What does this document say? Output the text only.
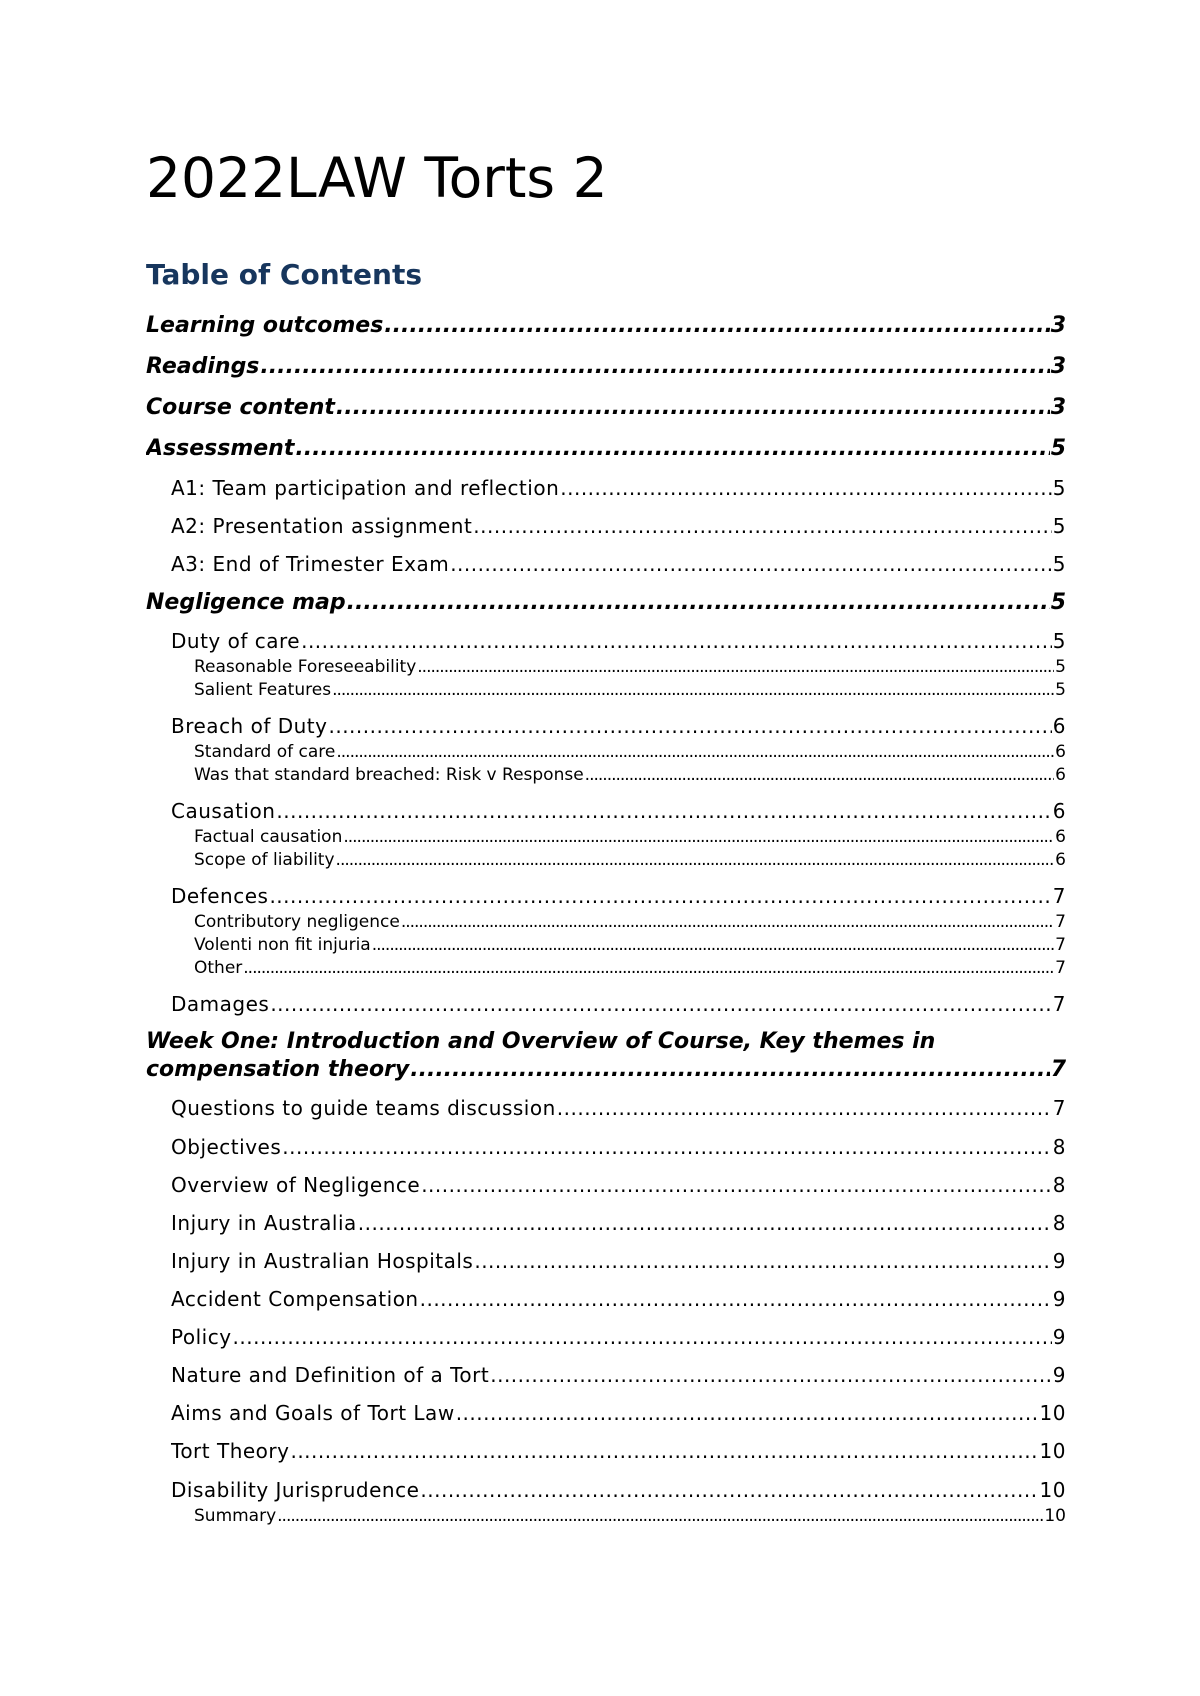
2022LAW Torts 2
Table of Contents
Learning outcomes .....	3
Readings .....	3
Course content .....	3
Assessment .....	5
A1: Team participation and reflection .....	5
A2: Presentation assignment .....	5
A3: End of Trimester Exam .....	5
Negligence map .....	5
Duty of care .....	5
Reasonable Foreseeability .....	5
Salient Features .....	5
Breach of Duty .....	6
Standard of care .....	6
Was that standard breached: Risk v Response .....	6
Causation .....	6
Factual causation .....	6
Scope of liability .....	6
Defences .....	7
Contributory negligence .....	7
Volenti non fit injuria .....	7
Other .....	7
Damages .....	7
Week One: Introduction and Overview of Course, Key themes in
compensation theory .....	7
Questions to guide teams discussion .....	7
Objectives .....	8
Overview of Negligence .....	8
Injury in Australia .....	8
Injury in Australian Hospitals .....	9
Accident Compensation .....	9
Policy .....	9
Nature and Definition of a Tort .....	9
Aims and Goals of Tort Law .....	10
Tort Theory .....	10
Disability Jurisprudence .....	10
Summary .....	10
